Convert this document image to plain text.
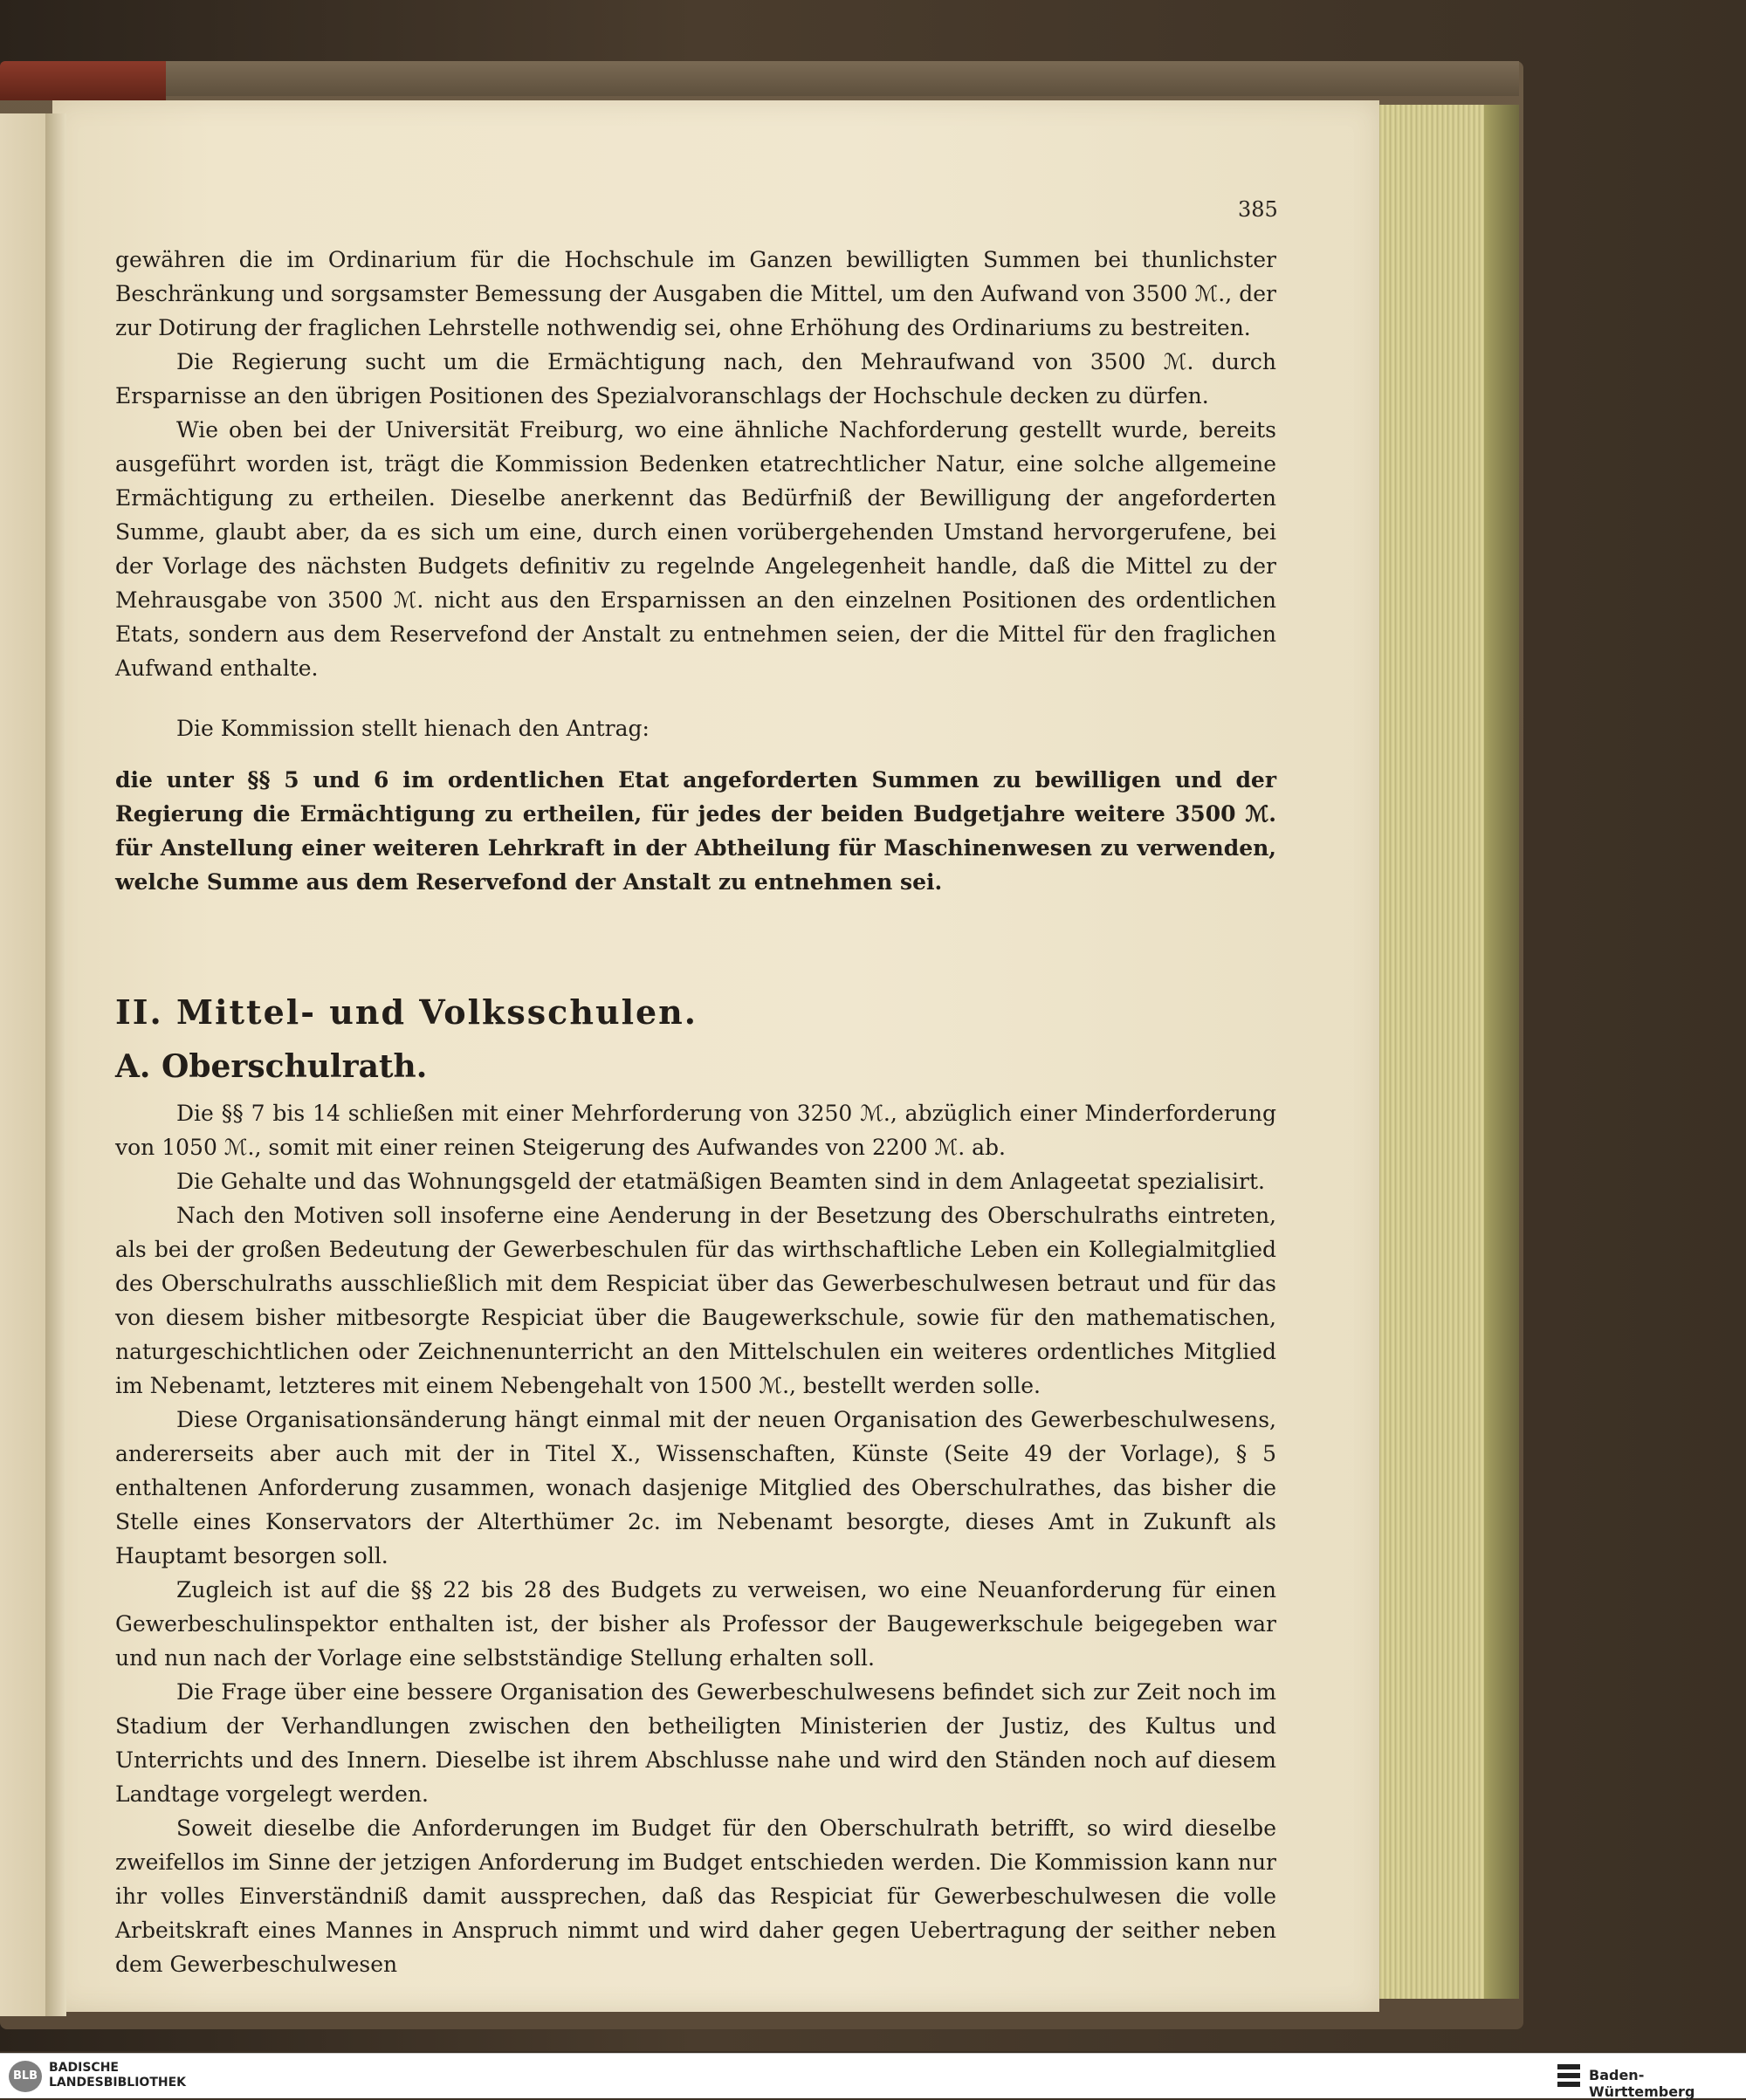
385

gewähren die im Ordinarium für die Hochschule im Ganzen bewilligten Summen bei thunlichster Beschränkung und sorgsamster Bemessung der Ausgaben die Mittel, um den Aufwand von 3500 ℳ., der zur Dotirung der fraglichen Lehrstelle nothwendig sei, ohne Erhöhung des Ordinariums zu bestreiten.

Die Regierung sucht um die Ermächtigung nach, den Mehraufwand von 3500 ℳ. durch Ersparnisse an den übrigen Positionen des Spezialvoranschlags der Hochschule decken zu dürfen.

Wie oben bei der Universität Freiburg, wo eine ähnliche Nachforderung gestellt wurde, bereits ausgeführt worden ist, trägt die Kommission Bedenken etatrechtlicher Natur, eine solche allgemeine Ermächtigung zu ertheilen. Dieselbe anerkennt das Bedürfniß der Bewilligung der angeforderten Summe, glaubt aber, da es sich um eine, durch einen vorübergehenden Umstand hervorgerufene, bei der Vorlage des nächsten Budgets definitiv zu regelnde Angelegenheit handle, daß die Mittel zu der Mehrausgabe von 3500 ℳ. nicht aus den Ersparnissen an den einzelnen Positionen des ordentlichen Etats, sondern aus dem Reservefond der Anstalt zu entnehmen seien, der die Mittel für den fraglichen Aufwand enthalte.

Die Kommission stellt hienach den Antrag:

die unter §§ 5 und 6 im ordentlichen Etat angeforderten Summen zu bewilligen und der Regierung die Ermächtigung zu ertheilen, für jedes der beiden Budgetjahre weitere 3500 ℳ. für Anstellung einer weiteren Lehrkraft in der Abtheilung für Maschinenwesen zu verwenden, welche Summe aus dem Reservefond der Anstalt zu entnehmen sei.

II. Mittel- und Volksschulen.

A. Oberschulrath.

Die §§ 7 bis 14 schließen mit einer Mehrforderung von 3250 ℳ., abzüglich einer Minderforderung von 1050 ℳ., somit mit einer reinen Steigerung des Aufwandes von 2200 ℳ. ab.

Die Gehalte und das Wohnungsgeld der etatmäßigen Beamten sind in dem Anlageetat spezialisirt.

Nach den Motiven soll insoferne eine Aenderung in der Besetzung des Oberschulraths eintreten, als bei der großen Bedeutung der Gewerbeschulen für das wirthschaftliche Leben ein Kollegialmitglied des Oberschulraths ausschließlich mit dem Respiciat über das Gewerbeschulwesen betraut und für das von diesem bisher mitbesorgte Respiciat über die Baugewerkschule, sowie für den mathematischen, naturgeschichtlichen oder Zeichnenunterricht an den Mittelschulen ein weiteres ordentliches Mitglied im Nebenamt, letzteres mit einem Nebengehalt von 1500 ℳ., bestellt werden solle.

Diese Organisationsänderung hängt einmal mit der neuen Organisation des Gewerbeschulwesens, andererseits aber auch mit der in Titel X., Wissenschaften, Künste (Seite 49 der Vorlage), § 5 enthaltenen Anforderung zusammen, wonach dasjenige Mitglied des Oberschulrathes, das bisher die Stelle eines Konservators der Alterthümer 2c. im Nebenamt besorgte, dieses Amt in Zukunft als Hauptamt besorgen soll.

Zugleich ist auf die §§ 22 bis 28 des Budgets zu verweisen, wo eine Neuanforderung für einen Gewerbeschulinspektor enthalten ist, der bisher als Professor der Baugewerkschule beigegeben war und nun nach der Vorlage eine selbstständige Stellung erhalten soll.

Die Frage über eine bessere Organisation des Gewerbeschulwesens befindet sich zur Zeit noch im Stadium der Verhandlungen zwischen den betheiligten Ministerien der Justiz, des Kultus und Unterrichts und des Innern. Dieselbe ist ihrem Abschlusse nahe und wird den Ständen noch auf diesem Landtage vorgelegt werden.

Soweit dieselbe die Anforderungen im Budget für den Oberschulrath betrifft, so wird dieselbe zweifellos im Sinne der jetzigen Anforderung im Budget entschieden werden. Die Kommission kann nur ihr volles Einverständniß damit aussprechen, daß das Respiciat für Gewerbeschulwesen die volle Arbeitskraft eines Mannes in Anspruch nimmt und wird daher gegen Uebertragung der seither neben dem Gewerbeschulwesen

BLB
BADISCHE
LANDESBIBLIOTHEK	Baden-Württemberg
